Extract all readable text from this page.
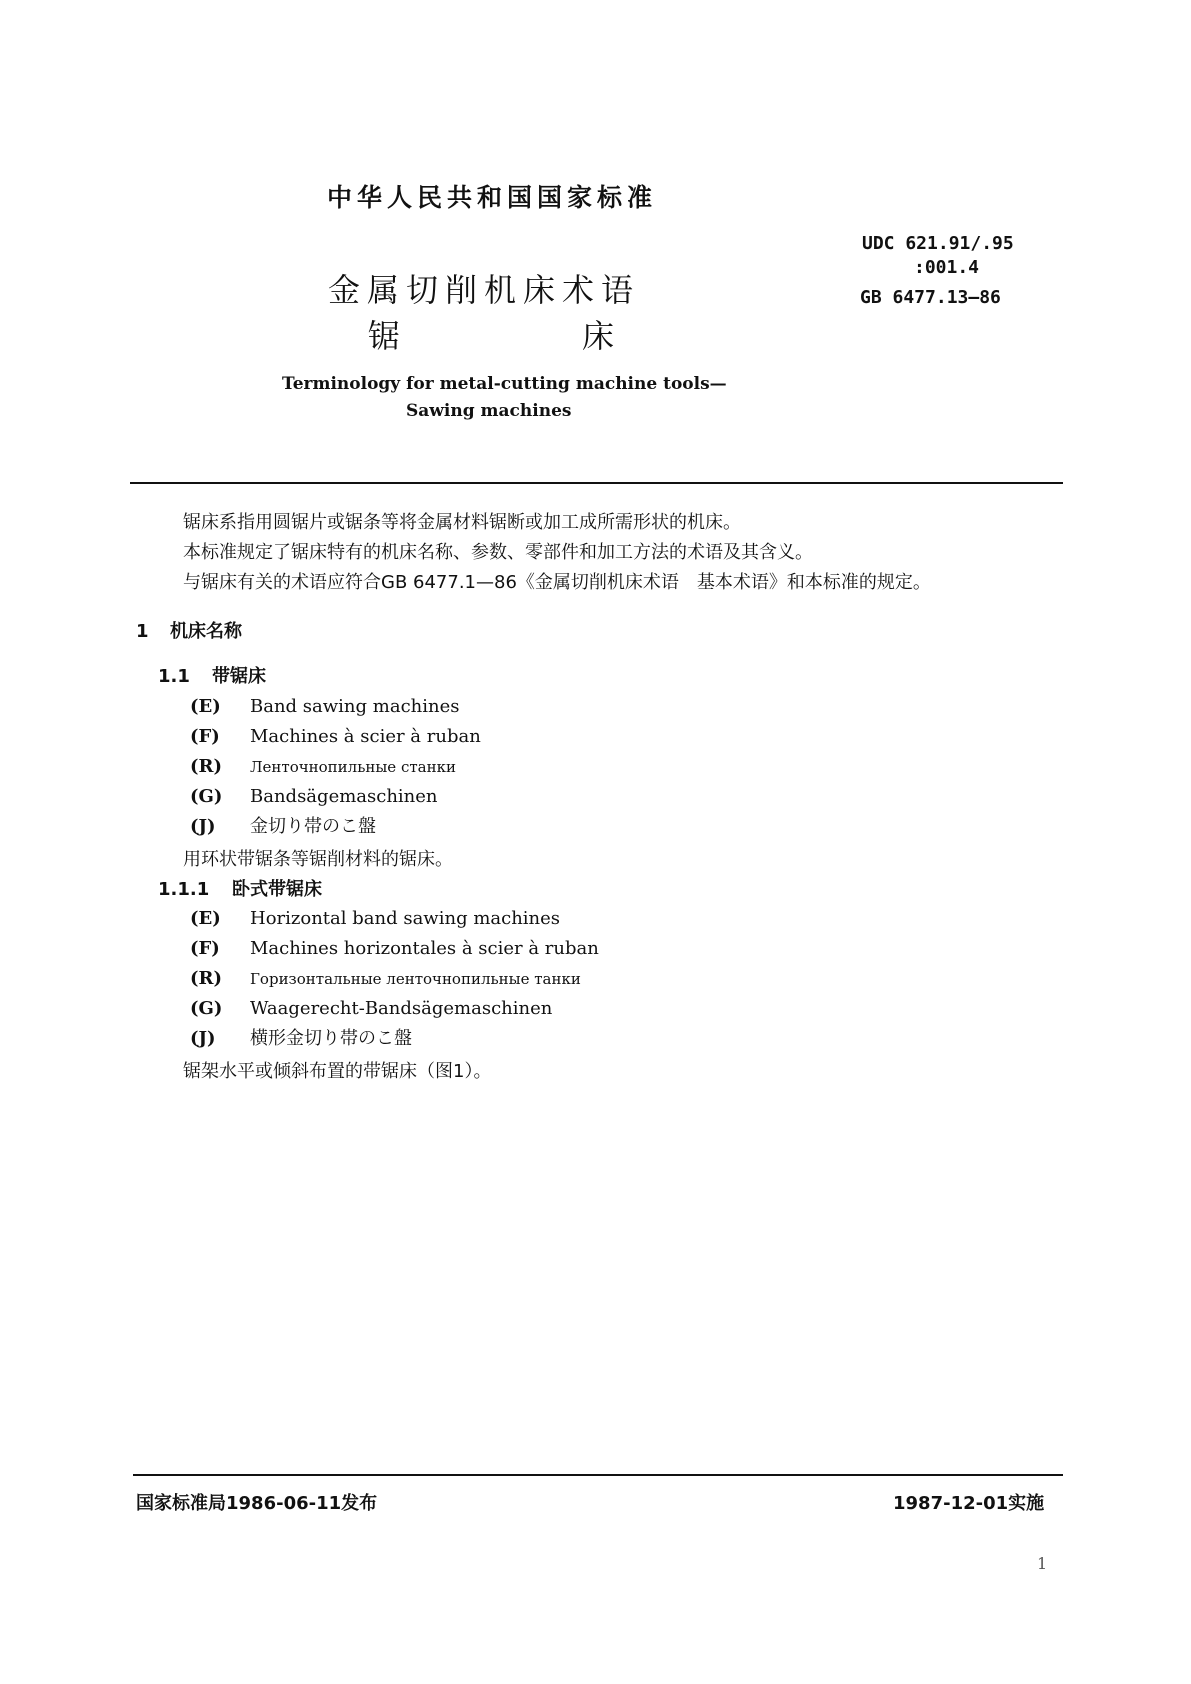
中华人民共和国国家标准
UDC 621.91/.95
:001.4
GB 6477.13—86
金属切削机床术语
锯	床
Terminology for metal-cutting machine tools—
Sawing machines
锯床系指用圆锯片或锯条等将金属材料锯断或加工成所需形状的机床。
本标准规定了锯床特有的机床名称、参数、零部件和加工方法的术语及其含义。
与锯床有关的术语应符合GB 6477.1—86《金属切削机床术语　基本术语》和本标准的规定。
1 机床名称
1.1 带锯床
(E) Band sawing machines
(F) Machines à scier à ruban
(R) Ленточнопильные станки
(G) Bandsägemaschinen
(J) 金切り帯のこ盤
用环状带锯条等锯削材料的锯床。
1.1.1 卧式带锯床
(E) Horizontal band sawing machines
(F) Machines horizontales à scier à ruban
(R) Горизонтальные ленточнопильные танки
(G) Waagerecht-Bandsägemaschinen
(J) 横形金切り帯のこ盤
锯架水平或倾斜布置的带锯床（图1）。
国家标准局1986-06-11发布	1987-12-01实施
1
